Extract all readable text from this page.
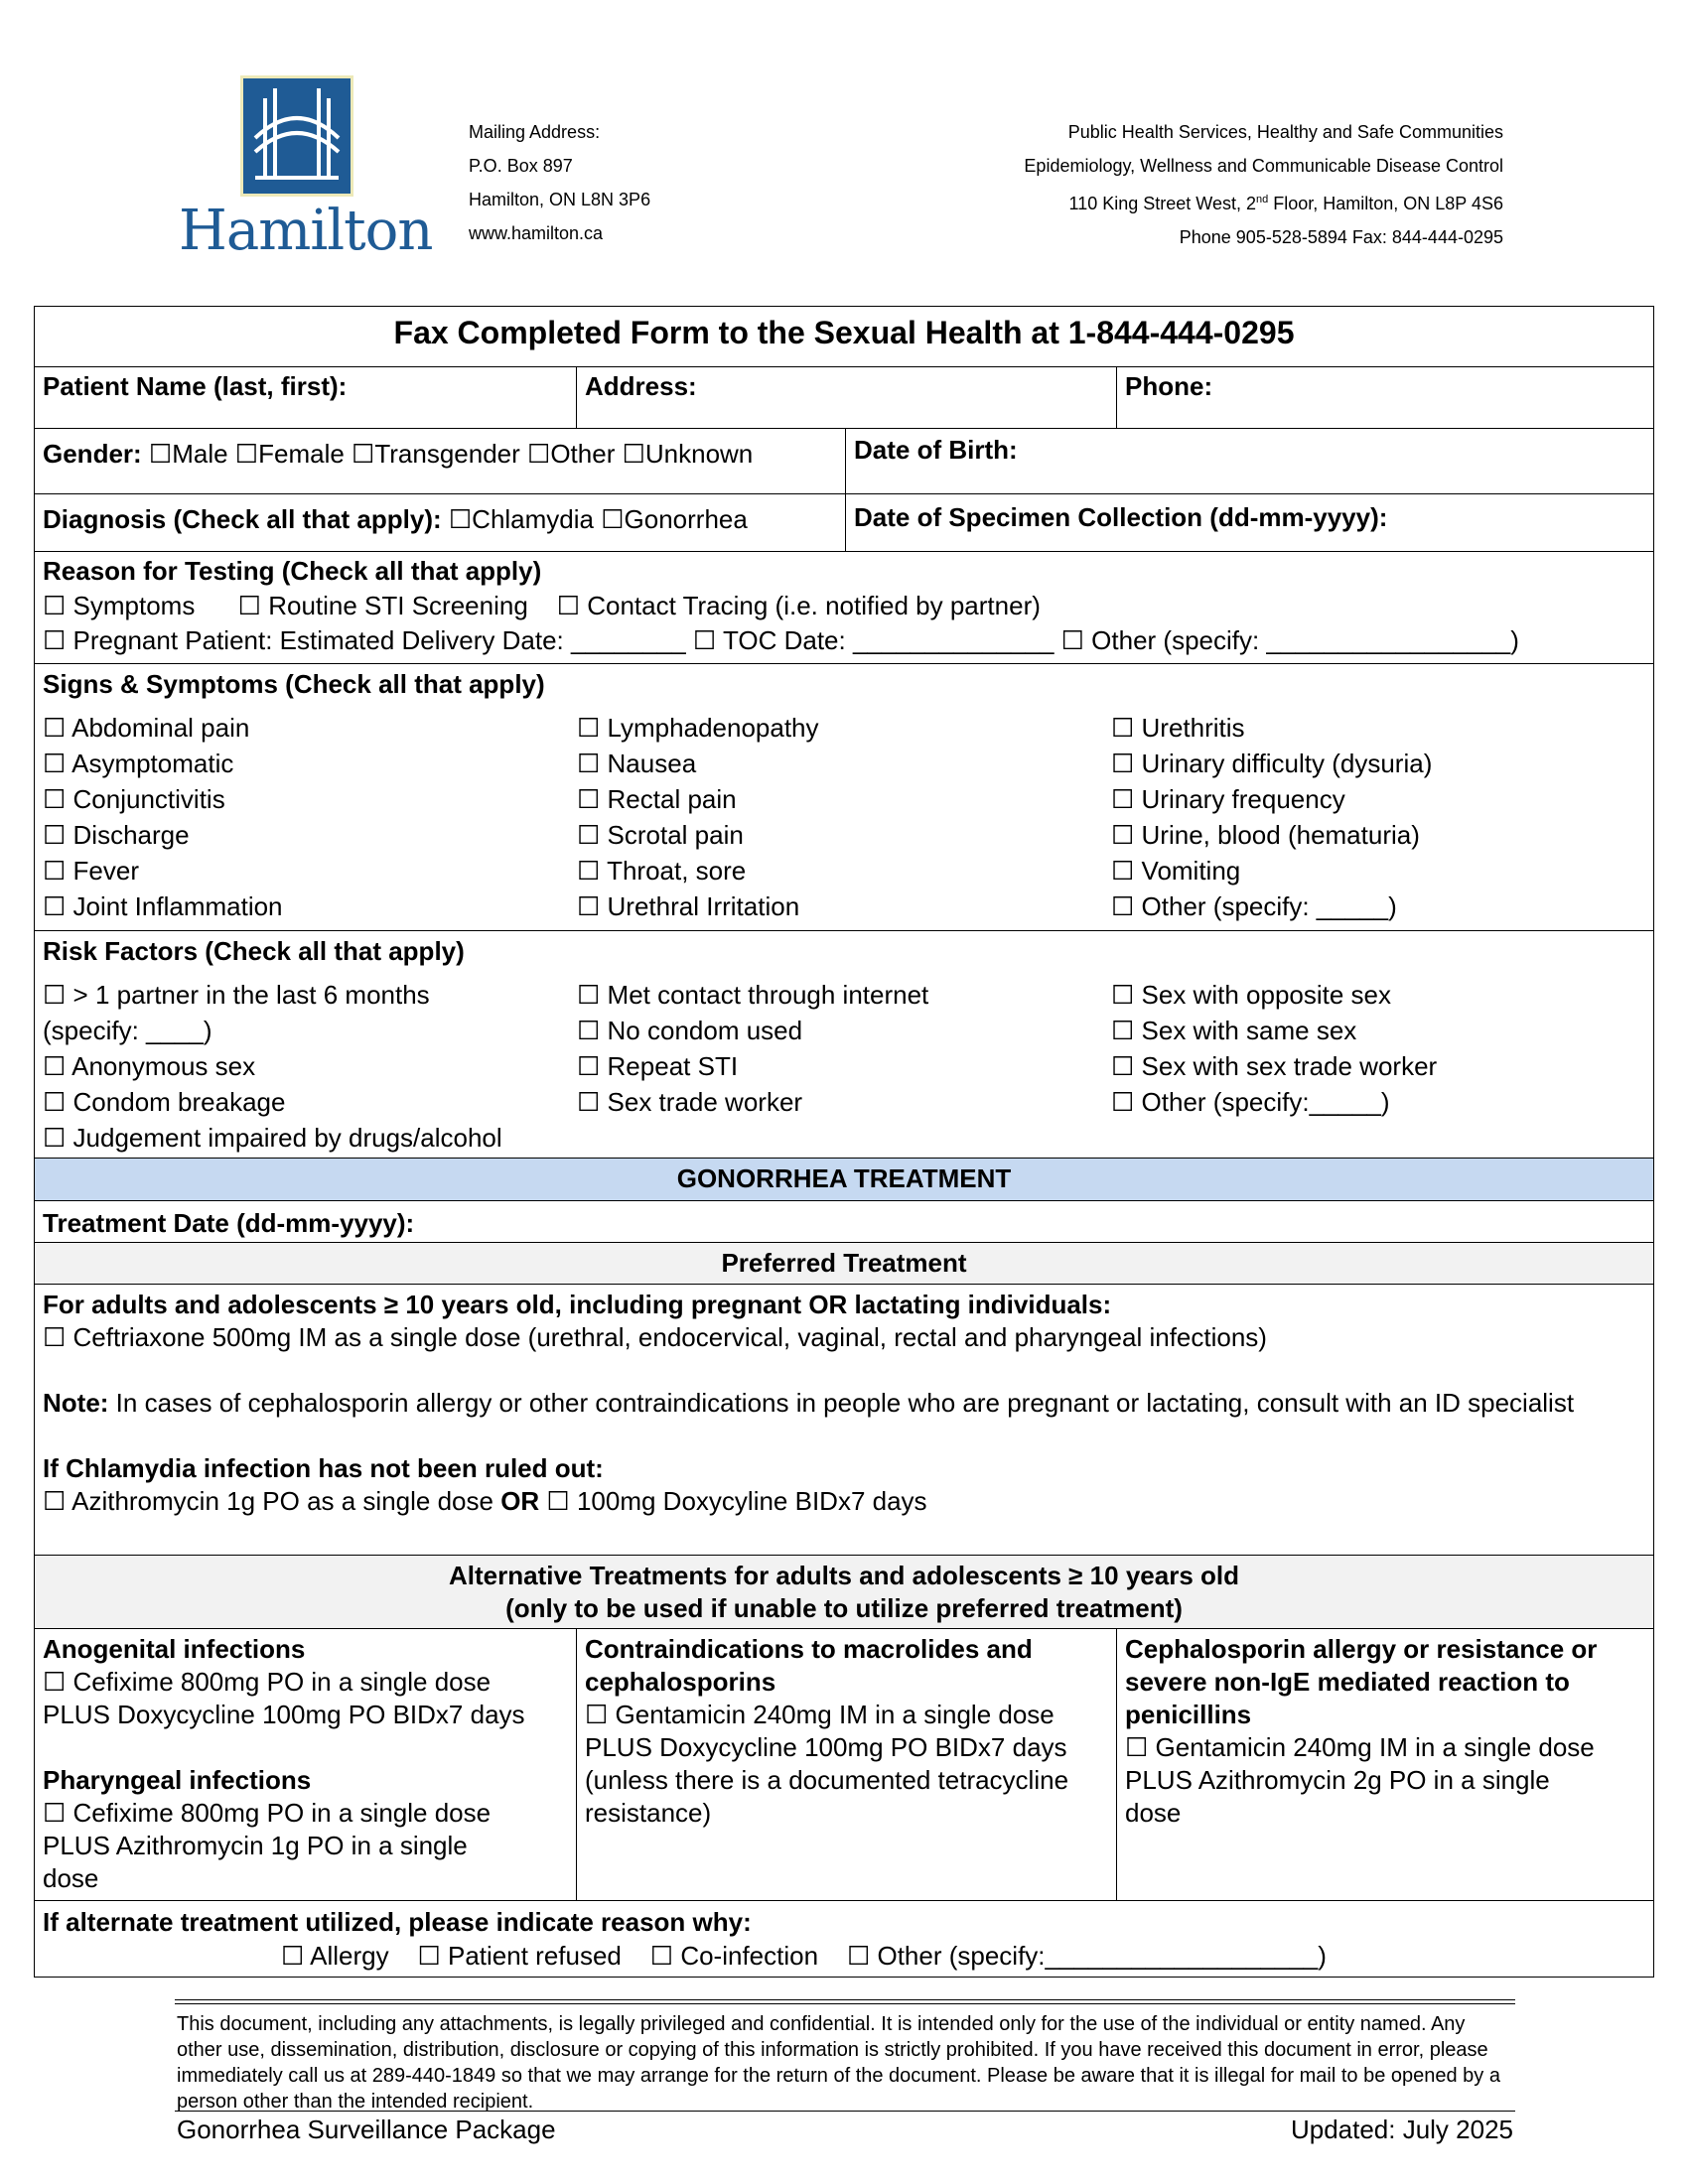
Hamilton
Mailing Address:
P.O. Box 897
Hamilton, ON L8N 3P6
www.hamilton.ca
Public Health Services, Healthy and Safe Communities
Epidemiology, Wellness and Communicable Disease Control
110 King Street West, 2nd Floor, Hamilton, ON L8P 4S6
Phone 905-528-5894 Fax: 844-444-0295
Fax Completed Form to the Sexual Health at 1-844-444-0295
Patient Name (last, first):	Address:	Phone:
Gender: ☐Male ☐Female ☐Transgender ☐Other ☐Unknown	Date of Birth:
Diagnosis (Check all that apply): ☐Chlamydia ☐Gonorrhea	Date of Specimen Collection (dd-mm-yyyy):
Reason for Testing (Check all that apply)
☐ Symptoms      ☐ Routine STI Screening    ☐ Contact Tracing (i.e. notified by partner)
☐ Pregnant Patient: Estimated Delivery Date: ________ ☐ TOC Date: ______________ ☐ Other (specify: _________________)
Signs & Symptoms (Check all that apply)
☐ Abdominal pain
☐ Asymptomatic
☐ Conjunctivitis
☐ Discharge
☐ Fever
☐ Joint Inflammation
☐ Lymphadenopathy
☐ Nausea
☐ Rectal pain
☐ Scrotal pain
☐ Throat, sore
☐ Urethral Irritation
☐ Urethritis
☐ Urinary difficulty (dysuria)
☐ Urinary frequency
☐ Urine, blood (hematuria)
☐ Vomiting
☐ Other (specify: _____)
Risk Factors (Check all that apply)
☐ > 1 partner in the last 6 months
(specify: ____)
☐ Anonymous sex
☐ Condom breakage
☐ Judgement impaired by drugs/alcohol
☐ Met contact through internet
☐ No condom used
☐ Repeat STI
☐ Sex trade worker
☐ Sex with opposite sex
☐ Sex with same sex
☐ Sex with sex trade worker
☐ Other (specify:_____)
GONORRHEA TREATMENT
Treatment Date (dd-mm-yyyy):
Preferred Treatment
For adults and adolescents ≥ 10 years old, including pregnant OR lactating individuals:
☐ Ceftriaxone 500mg IM as a single dose (urethral, endocervical, vaginal, rectal and pharyngeal infections)
Note: In cases of cephalosporin allergy or other contraindications in people who are pregnant or lactating, consult with an ID specialist
If Chlamydia infection has not been ruled out:
☐ Azithromycin 1g PO as a single dose OR ☐ 100mg Doxycyline BIDx7 days
Alternative Treatments for adults and adolescents ≥ 10 years old
(only to be used if unable to utilize preferred treatment)
Anogenital infections
☐ Cefixime 800mg PO in a single dose
PLUS Doxycycline 100mg PO BIDx7 days
Pharyngeal infections
☐ Cefixime 800mg PO in a single dose
PLUS Azithromycin 1g PO in a single
dose
Contraindications to macrolides and
cephalosporins
☐ Gentamicin 240mg IM in a single dose
PLUS Doxycycline 100mg PO BIDx7 days
(unless there is a documented tetracycline
resistance)
Cephalosporin allergy or resistance or
severe non-IgE mediated reaction to
penicillins
☐ Gentamicin 240mg IM in a single dose
PLUS Azithromycin 2g PO in a single
dose
If alternate treatment utilized, please indicate reason why:
☐ Allergy    ☐ Patient refused    ☐ Co-infection    ☐ Other (specify:___________________)
This document, including any attachments, is legally privileged and confidential. It is intended only for the use of the individual or entity named. Any other use, dissemination, distribution, disclosure or copying of this information is strictly prohibited. If you have received this document in error, please immediately call us at 289-440-1849 so that we may arrange for the return of the document. Please be aware that it is illegal for mail to be opened by a person other than the intended recipient.
Gonorrhea Surveillance Package	Updated: July 2025
